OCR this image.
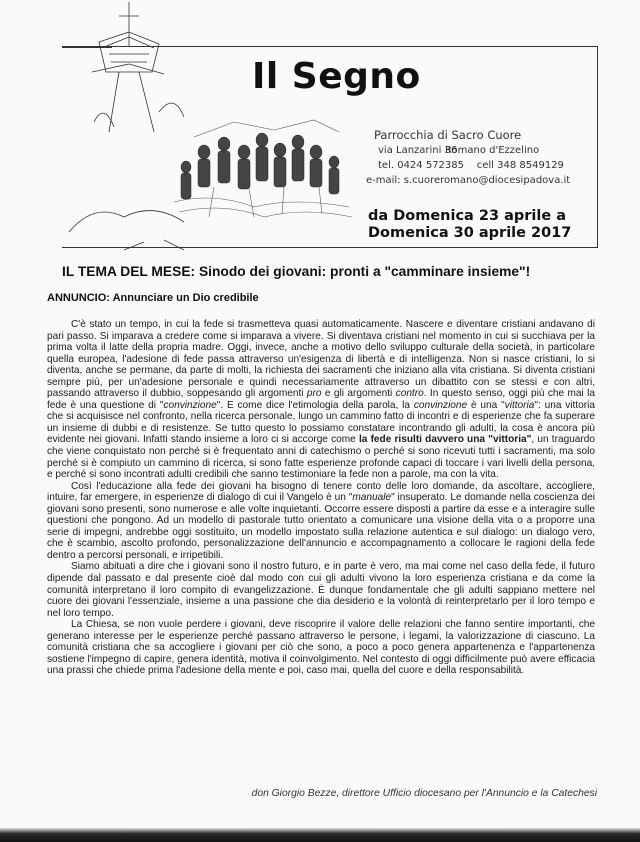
Il Segno
Parrocchia di Sacro Cuore
via Lanzarini 36
Romano d'Ezzelino
tel. 0424 572385 cell 348 8549129
e-mail: s.cuoreromano@diocesipadova.it
da Domenica 23 aprile a
Domenica 30 aprile 2017
IL TEMA DEL MESE: Sinodo dei giovani: pronti a "camminare insieme"!
ANNUNCIO: Annunciare un Dio credibile

C'è stato un tempo, in cui la fede si trasmetteva quasi automaticamente. Nascere e diventare cristiani andavano di pari passo. Si imparava a credere come si imparava a vivere. Si diventava cristiani nel momento in cui si succhiava per la prima volta il latte della propria madre. Oggi, invece, anche a motivo dello sviluppo culturale della società, in particolare quella europea, l'adesione di fede passa attraverso un'esigenza di libertà e di intelligenza. Non si nasce cristiani, lo si diventa, anche se permane, da parte di molti, la richiesta dei sacramenti che iniziano alla vita cristiana. Si diventa cristiani sempre più, per un'adesione personale e quindi necessariamente attraverso un dibattito con se stessi e con altri, passando attraverso il dubbio, soppesando gli argomenti pro e gli argomenti contro. In questo senso, oggi più che mai la fede è una questione di "convinzione". E come dice l'etimologia della parola, la convinzione è una "vittoria": una vittoria che si acquisisce nel confronto, nella ricerca personale, lungo un cammino fatto di incontri e di esperienze che fa superare un insieme di dubbi e di resistenze. Se tutto questo lo possiamo constatare incontrando gli adulti, la cosa è ancora più evidente nei giovani. Infatti stando insieme a loro ci si accorge come la fede risulti davvero una "vittoria", un traguardo che viene conquistato non perché si è frequentato anni di catechismo o perché si sono ricevuti tutti i sacramenti, ma solo perché si è compiuto un cammino di ricerca, si sono fatte esperienze profonde capaci di toccare i vari livelli della persona, e perché si sono incontrati adulti credibili che sanno testimoniare la fede non a parole, ma con la vita.

Così l'educazione alla fede dei giovani ha bisogno di tenere conto delle loro domande, da ascoltare, accogliere, intuire, far emergere, in esperienze di dialogo di cui il Vangelo è un "manuale" insuperato. Le domande nella coscienza dei giovani sono presenti, sono numerose e alle volte inquietanti. Occorre essere disposti a partire da esse e a interagire sulle questioni che pongono. Ad un modello di pastorale tutto orientato a comunicare una visione della vita o a proporre una serie di impegni, andrebbe oggi sostituito, un modello impostato sulla relazione autentica e sul dialogo: un dialogo vero, che è scambio, ascolto profondo, personalizzazione dell'annuncio e accompagnamento a collocare le ragioni della fede dentro a percorsi personali, e irripetibili.

Siamo abituati a dire che i giovani sono il nostro futuro, e in parte è vero, ma mai come nel caso della fede, il futuro dipende dal passato e dal presente cioè dal modo con cui gli adulti vivono la loro esperienza cristiana e da come la comunità interpretano il loro compito di evangelizzazione. È dunque fondamentale che gli adulti sappiano mettere nel cuore dei giovani l'essenziale, insieme a una passione che dia desiderio e la volontà di reinterpretarlo per il loro tempo e nel loro tempo.

La Chiesa, se non vuole perdere i giovani, deve riscoprire il valore delle relazioni che fanno sentire importanti, che generano interesse per le esperienze perché passano attraverso le persone, i legami, la valorizzazione di ciascuno. La comunità cristiana che sa accogliere i giovani per ciò che sono, a poco a poco genera appartenenza e l'appartenenza sostiene l'impegno di capire, genera identità, motiva il coinvolgimento. Nel contesto di oggi difficilmente può avere efficacia una prassi che chiede prima l'adesione della mente e poi, caso mai, quella del cuore e della responsabilità.

don Giorgio Bezze, direttore Ufficio diocesano per l'Annuncio e la Catechesi
